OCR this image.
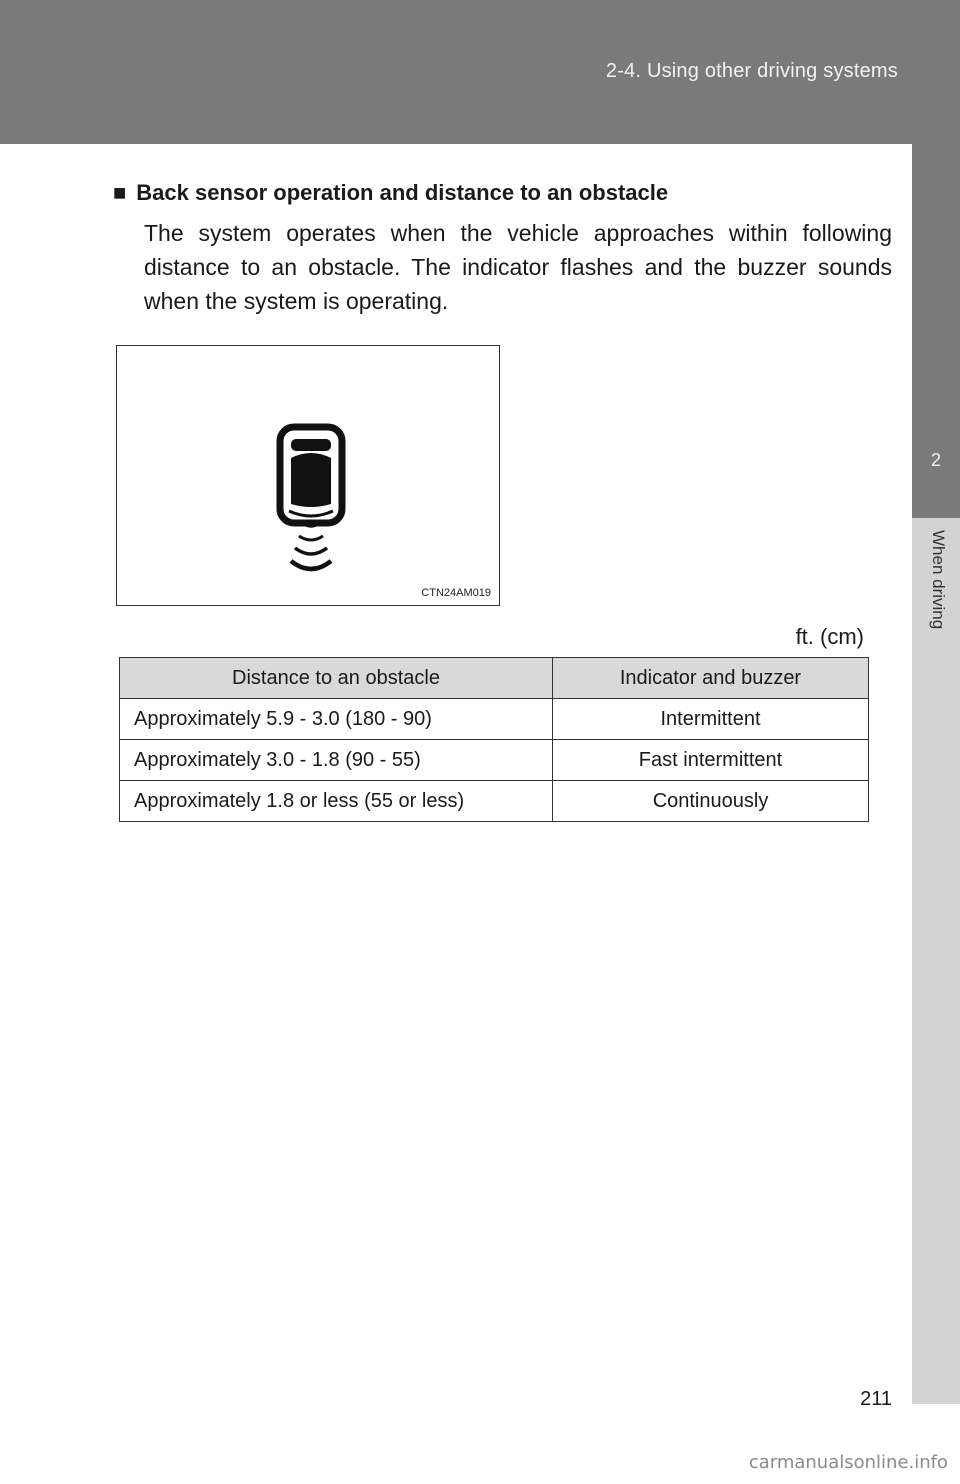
2-4. Using other driving systems
2
When driving
■ Back sensor operation and distance to an obstacle
The system operates when the vehicle approaches within following distance to an obstacle. The indicator flashes and the buzzer sounds when the system is operating.
CTN24AM019
ft. (cm)
Distance to an obstacle	Indicator and buzzer
Approximately 5.9 - 3.0 (180 - 90)	Intermittent
Approximately 3.0 - 1.8 (90 - 55)	Fast intermittent
Approximately 1.8 or less (55 or less)	Continuously
211
carmanualsonline.info
